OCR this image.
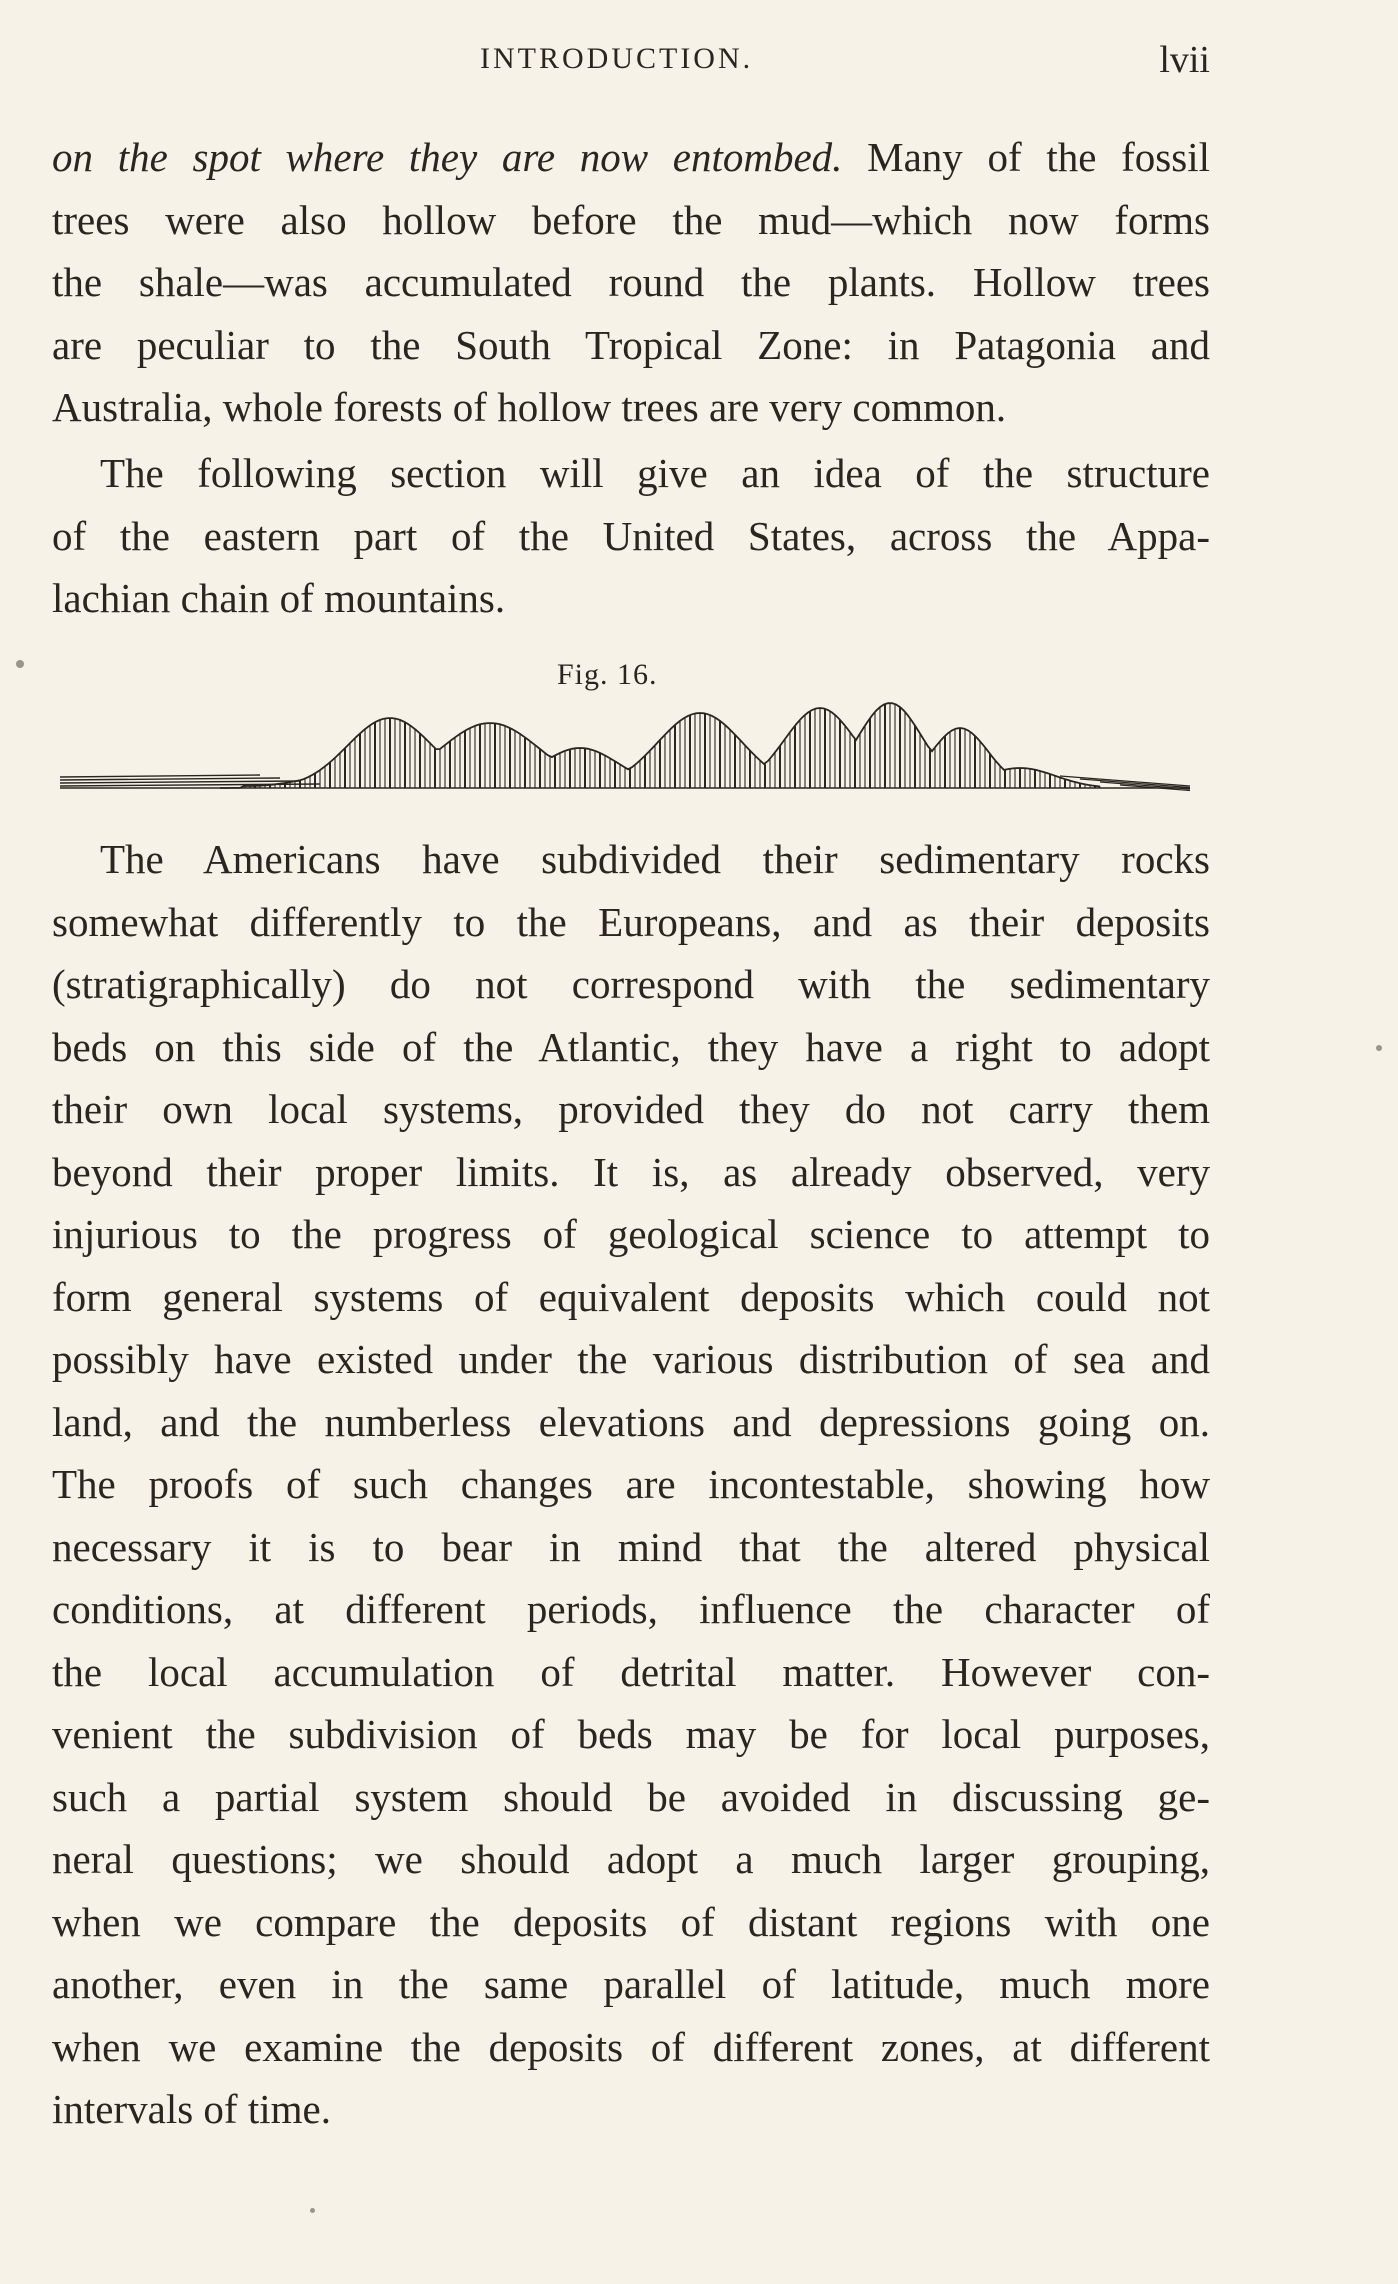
INTRODUCTION.	lvii
on the spot where they are now entombed. Many of the fossil
trees were also hollow before the mud—which now forms
the shale—was accumulated round the plants. Hollow trees
are peculiar to the South Tropical Zone: in Patagonia and
Australia, whole forests of hollow trees are very common.
The following section will give an idea of the structure
of the eastern part of the United States, across the Appa-
lachian chain of mountains.
Fig. 16.
The Americans have subdivided their sedimentary rocks
somewhat differently to the Europeans, and as their deposits
(stratigraphically) do not correspond with the sedimentary
beds on this side of the Atlantic, they have a right to adopt
their own local systems, provided they do not carry them
beyond their proper limits. It is, as already observed, very
injurious to the progress of geological science to attempt to
form general systems of equivalent deposits which could not
possibly have existed under the various distribution of sea and
land, and the numberless elevations and depressions going on.
The proofs of such changes are incontestable, showing how
necessary it is to bear in mind that the altered physical
conditions, at different periods, influence the character of
the local accumulation of detrital matter. However con-
venient the subdivision of beds may be for local purposes,
such a partial system should be avoided in discussing ge-
neral questions; we should adopt a much larger grouping,
when we compare the deposits of distant regions with one
another, even in the same parallel of latitude, much more
when we examine the deposits of different zones, at different
intervals of time.
